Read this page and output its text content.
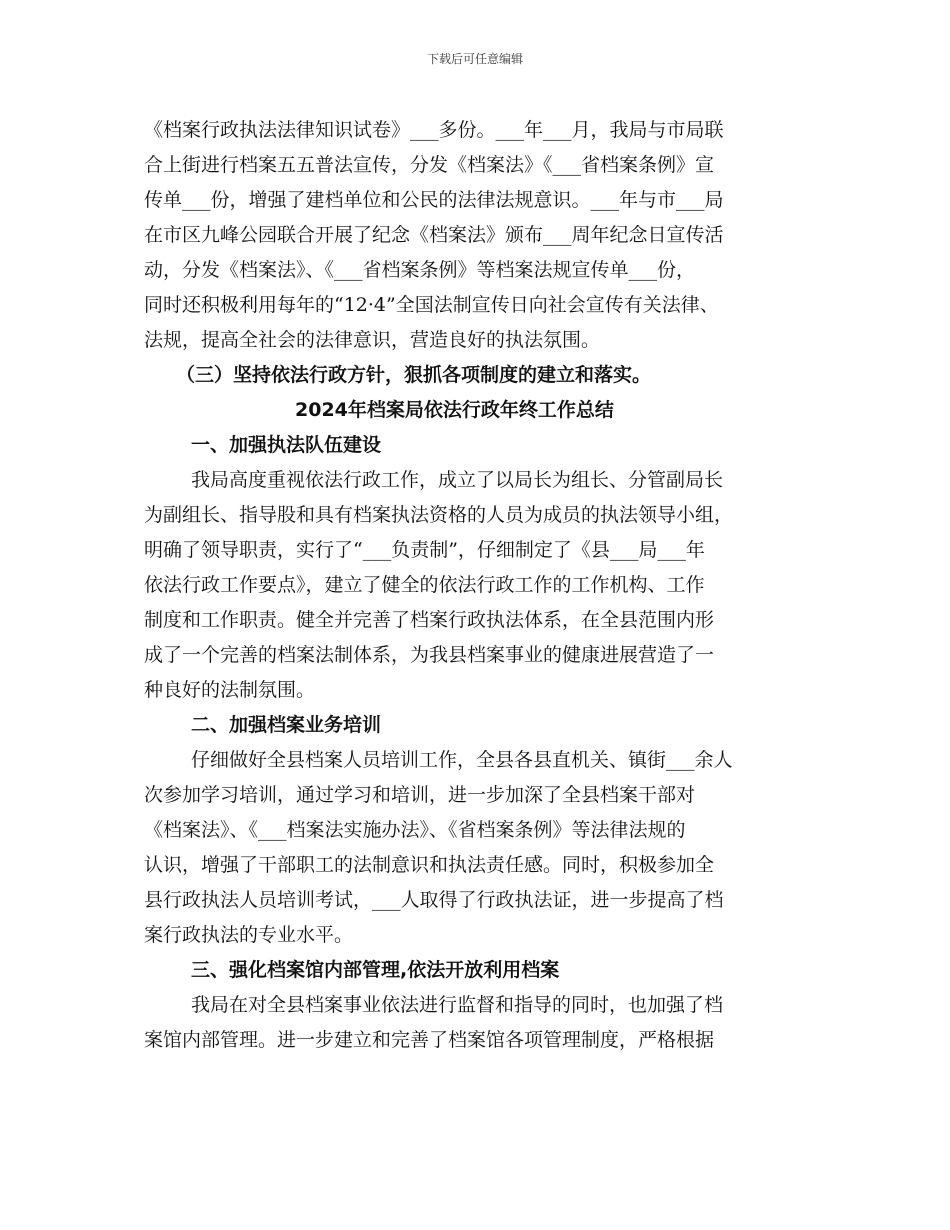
下载后可任意编辑
《档案行政执法法律知识试卷》___多份。___年___月，我局与市局联
合上街进行档案五五普法宣传，分发《档案法》《___省档案条例》宣
传单___份，增强了建档单位和公民的法律法规意识。___年与市___局
在市区九峰公园联合开展了纪念《档案法》颁布___周年纪念日宣传活
动，分发《档案法》、《___省档案条例》等档案法规宣传单___份，
同时还积极利用每年的“12·4”全国法制宣传日向社会宣传有关法律、
法规，提高全社会的法律意识，营造良好的执法氛围。
（三）坚持依法行政方针，狠抓各项制度的建立和落实。
2024年档案局依法行政年终工作总结
一、加强执法队伍建设
我局高度重视依法行政工作，成立了以局长为组长、分管副局长
为副组长、指导股和具有档案执法资格的人员为成员的执法领导小组，
明确了领导职责，实行了“___负责制”，仔细制定了《县___局___年
依法行政工作要点》，建立了健全的依法行政工作的工作机构、工作
制度和工作职责。健全并完善了档案行政执法体系，在全县范围内形
成了一个完善的档案法制体系，为我县档案事业的健康进展营造了一
种良好的法制氛围。
二、加强档案业务培训
仔细做好全县档案人员培训工作，全县各县直机关、镇街___余人
次参加学习培训，通过学习和培训，进一步加深了全县档案干部对
《档案法》、《___档案法实施办法》、《省档案条例》等法律法规的
认识，增强了干部职工的法制意识和执法责任感。同时，积极参加全
县行政执法人员培训考试，___人取得了行政执法证，进一步提高了档
案行政执法的专业水平。
三、强化档案馆内部管理,依法开放利用档案
我局在对全县档案事业依法进行监督和指导的同时，也加强了档
案馆内部管理。进一步建立和完善了档案馆各项管理制度，严格根据
